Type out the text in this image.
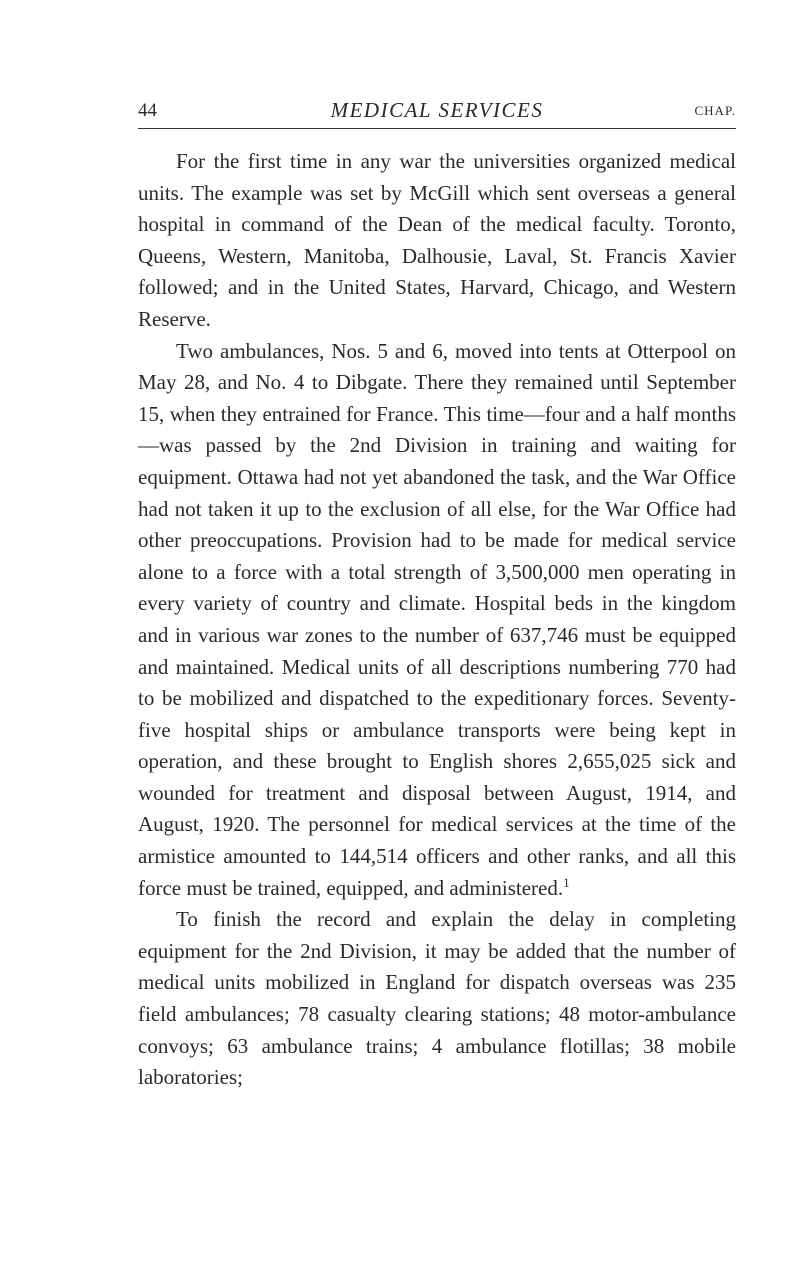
44	MEDICAL SERVICES	CHAP.

For the first time in any war the universities organized medical units. The example was set by McGill which sent overseas a general hospital in command of the Dean of the medical faculty. Toronto, Queens, Western, Manitoba, Dalhousie, Laval, St. Francis Xavier followed; and in the United States, Harvard, Chicago, and Western Reserve.

Two ambulances, Nos. 5 and 6, moved into tents at Otterpool on May 28, and No. 4 to Dibgate. There they remained until September 15, when they entrained for France. This time—four and a half months—was passed by the 2nd Division in training and waiting for equipment. Ottawa had not yet abandoned the task, and the War Office had not taken it up to the exclusion of all else, for the War Office had other preoccupations. Provision had to be made for medical service alone to a force with a total strength of 3,500,000 men operating in every variety of country and climate. Hospital beds in the kingdom and in various war zones to the number of 637,746 must be equipped and maintained. Medical units of all descriptions numbering 770 had to be mobilized and dispatched to the expeditionary forces. Seventy-five hospital ships or ambulance transports were being kept in operation, and these brought to English shores 2,655,025 sick and wounded for treatment and disposal between August, 1914, and August, 1920. The personnel for medical services at the time of the armistice amounted to 144,514 officers and other ranks, and all this force must be trained, equipped, and administered.$^1$

To finish the record and explain the delay in completing equipment for the 2nd Division, it may be added that the number of medical units mobilized in England for dispatch overseas was 235 field ambulances; 78 casualty clearing stations; 48 motor-ambulance convoys; 63 ambulance trains; 4 ambulance flotillas; 38 mobile laboratories;
